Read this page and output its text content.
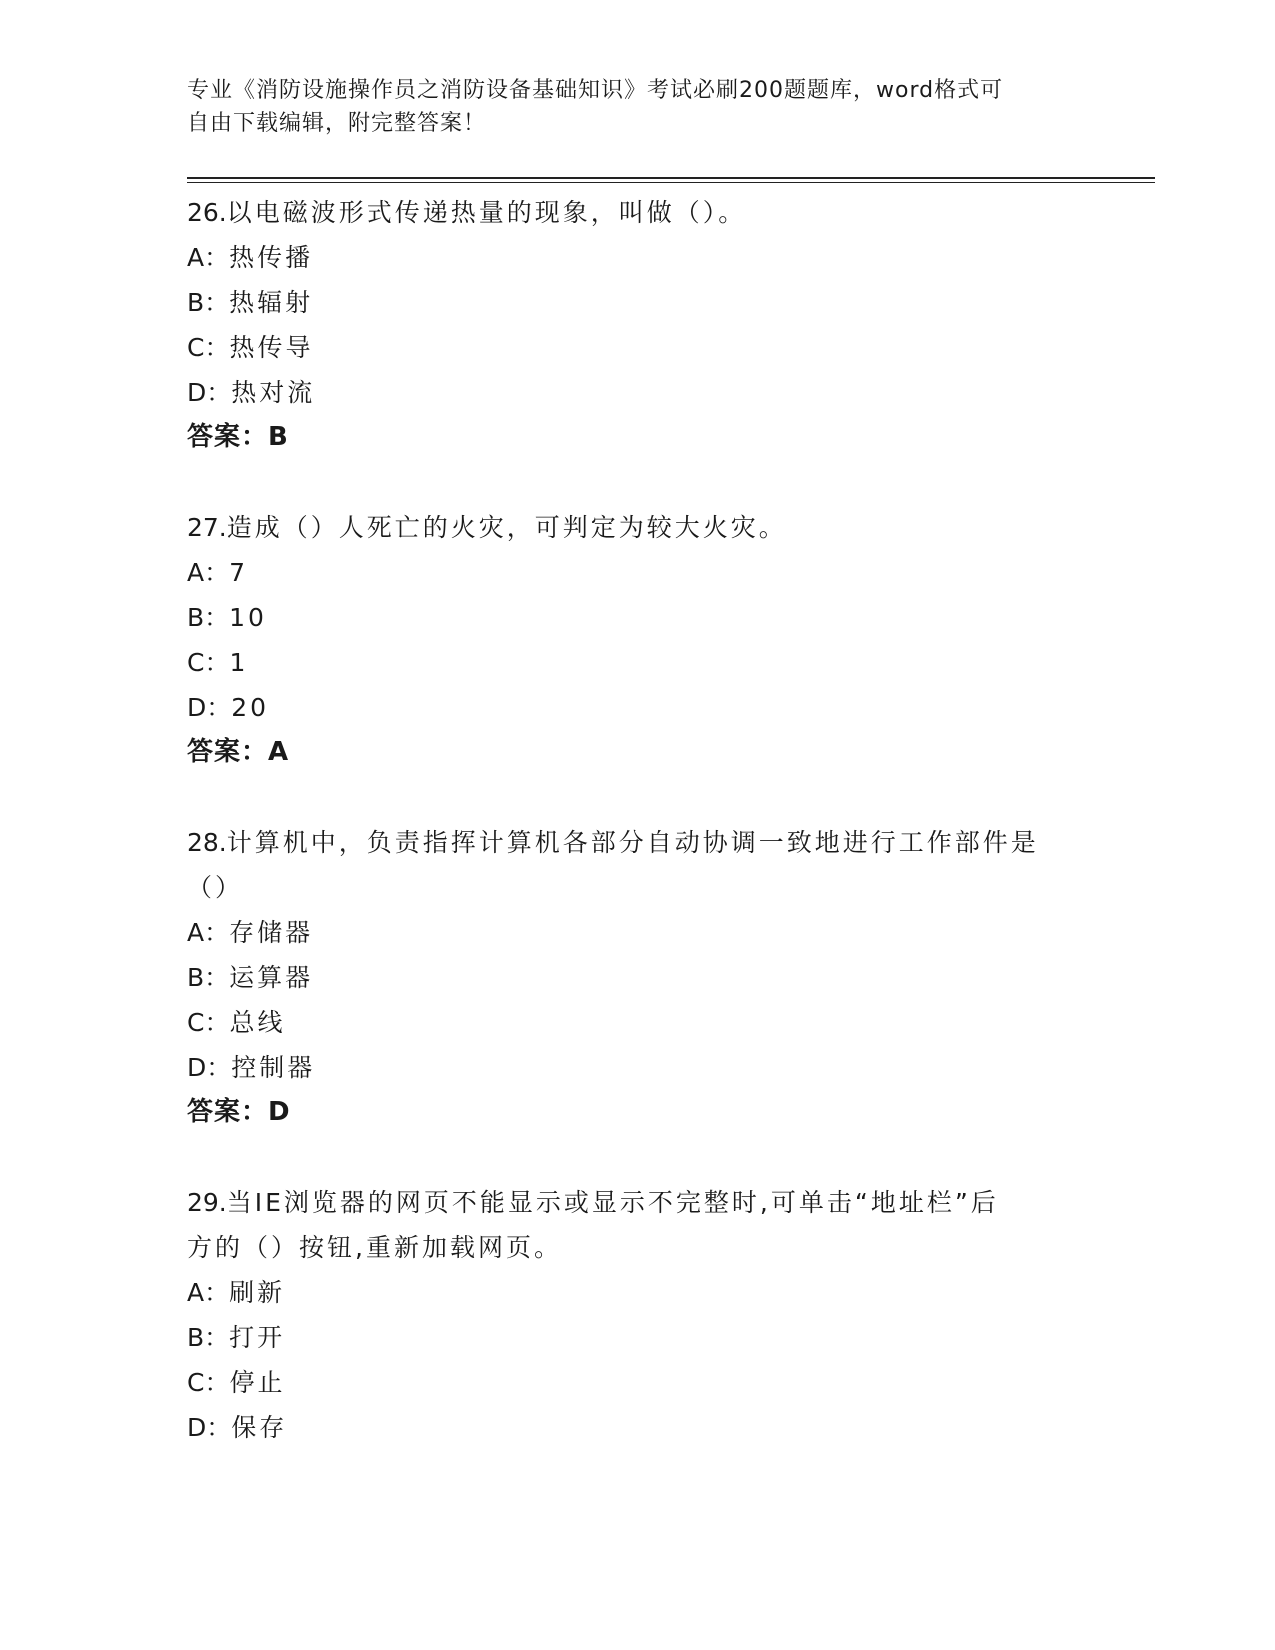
专业《消防设施操作员之消防设备基础知识》考试必刷200题题库，word格式可
自由下载编辑，附完整答案！
26.以电磁波形式传递热量的现象，叫做（）。
A：热传播
B：热辐射
C：热传导
D：热对流
答案：B
27.造成（）人死亡的火灾，可判定为较大火灾。
A：7
B：10
C：1
D：20
答案：A
28.计算机中，负责指挥计算机各部分自动协调一致地进行工作部件是
（）
A：存储器
B：运算器
C：总线
D：控制器
答案：D
29.当IE浏览器的网页不能显示或显示不完整时,可单击“地址栏”后
方的（）按钮,重新加载网页。
A：刷新
B：打开
C：停止
D：保存
